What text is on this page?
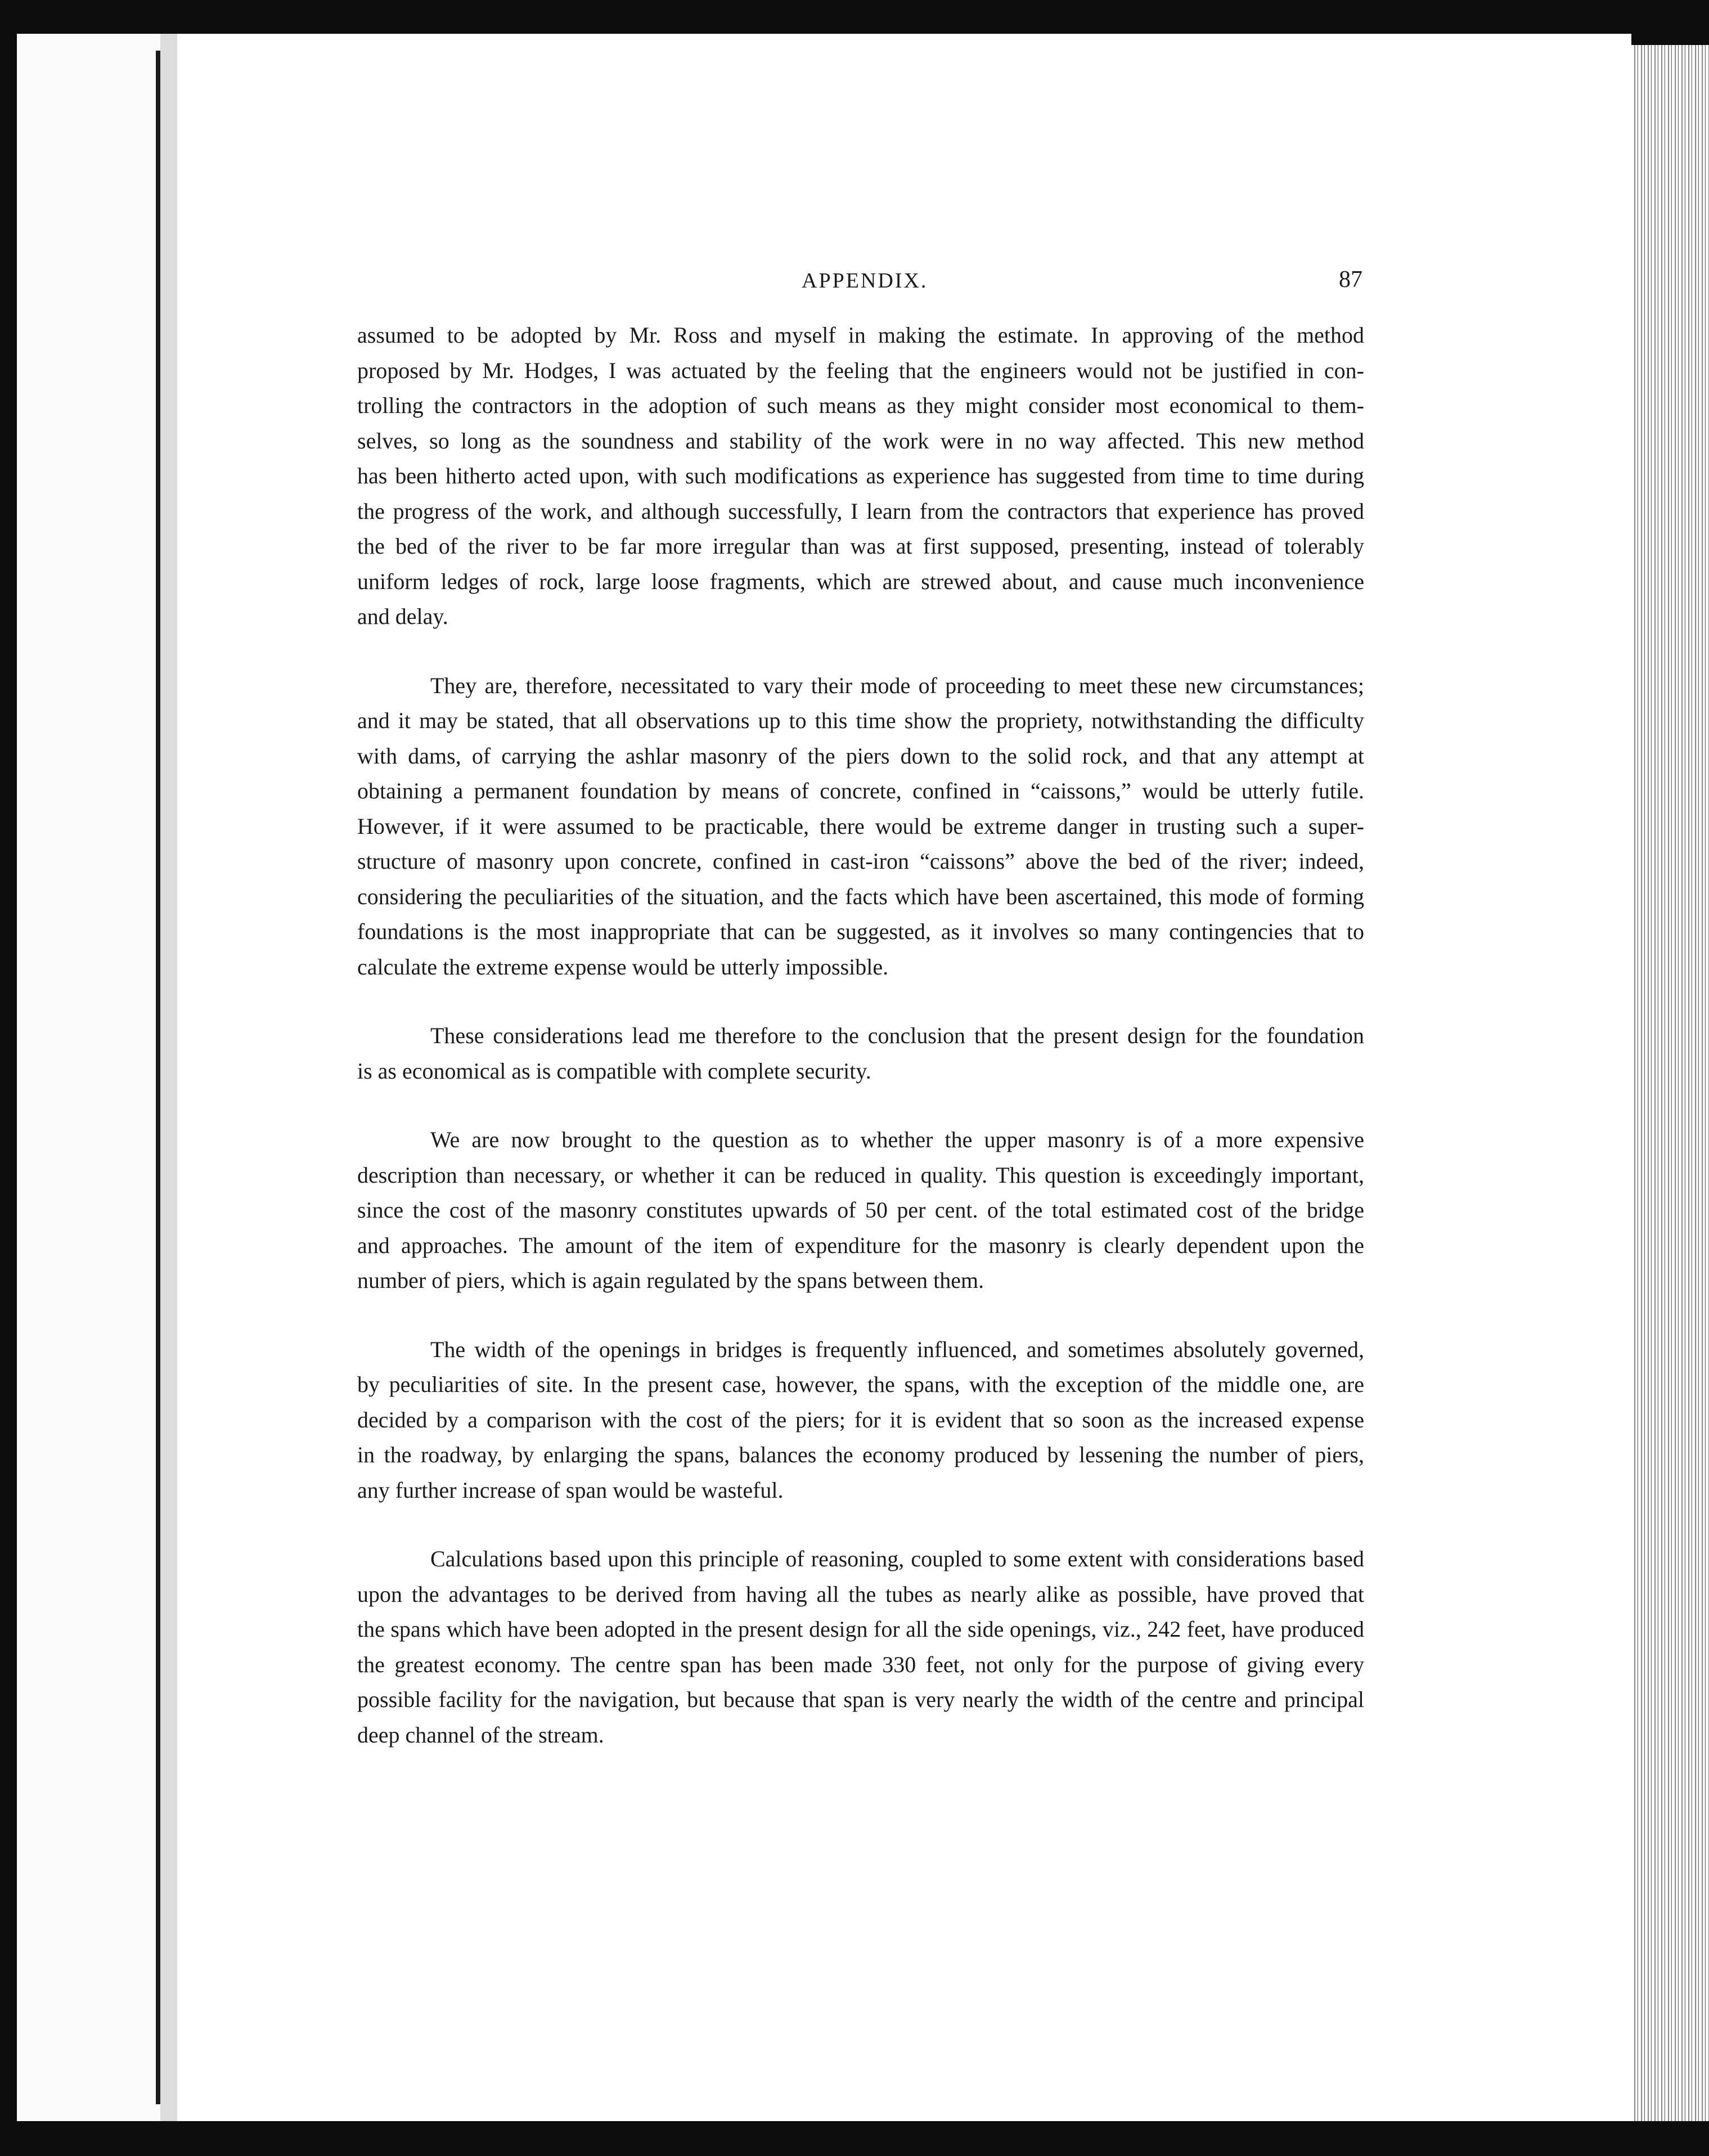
APPENDIX.	87
assumed to be adopted by Mr. Ross and myself in making the estimate. In approving of the method
proposed by Mr. Hodges, I was actuated by the feeling that the engineers would not be justified in con-
trolling the contractors in the adoption of such means as they might consider most economical to them-
selves, so long as the soundness and stability of the work were in no way affected. This new method
has been hitherto acted upon, with such modifications as experience has suggested from time to time during
the progress of the work, and although successfully, I learn from the contractors that experience has proved
the bed of the river to be far more irregular than was at first supposed, presenting, instead of tolerably
uniform ledges of rock, large loose fragments, which are strewed about, and cause much inconvenience
and delay.
They are, therefore, necessitated to vary their mode of proceeding to meet these new circumstances;
and it may be stated, that all observations up to this time show the propriety, notwithstanding the difficulty
with dams, of carrying the ashlar masonry of the piers down to the solid rock, and that any attempt at
obtaining a permanent foundation by means of concrete, confined in “caissons,” would be utterly futile.
However, if it were assumed to be practicable, there would be extreme danger in trusting such a super-
structure of masonry upon concrete, confined in cast-iron “caissons” above the bed of the river; indeed,
considering the peculiarities of the situation, and the facts which have been ascertained, this mode of forming
foundations is the most inappropriate that can be suggested, as it involves so many contingencies that to
calculate the extreme expense would be utterly impossible.
These considerations lead me therefore to the conclusion that the present design for the foundation
is as economical as is compatible with complete security.
We are now brought to the question as to whether the upper masonry is of a more expensive
description than necessary, or whether it can be reduced in quality. This question is exceedingly important,
since the cost of the masonry constitutes upwards of 50 per cent. of the total estimated cost of the bridge
and approaches. The amount of the item of expenditure for the masonry is clearly dependent upon the
number of piers, which is again regulated by the spans between them.
The width of the openings in bridges is frequently influenced, and sometimes absolutely governed,
by peculiarities of site. In the present case, however, the spans, with the exception of the middle one, are
decided by a comparison with the cost of the piers; for it is evident that so soon as the increased expense
in the roadway, by enlarging the spans, balances the economy produced by lessening the number of piers,
any further increase of span would be wasteful.
Calculations based upon this principle of reasoning, coupled to some extent with considerations based
upon the advantages to be derived from having all the tubes as nearly alike as possible, have proved that
the spans which have been adopted in the present design for all the side openings, viz., 242 feet, have produced
the greatest economy. The centre span has been made 330 feet, not only for the purpose of giving every
possible facility for the navigation, but because that span is very nearly the width of the centre and principal
deep channel of the stream.
